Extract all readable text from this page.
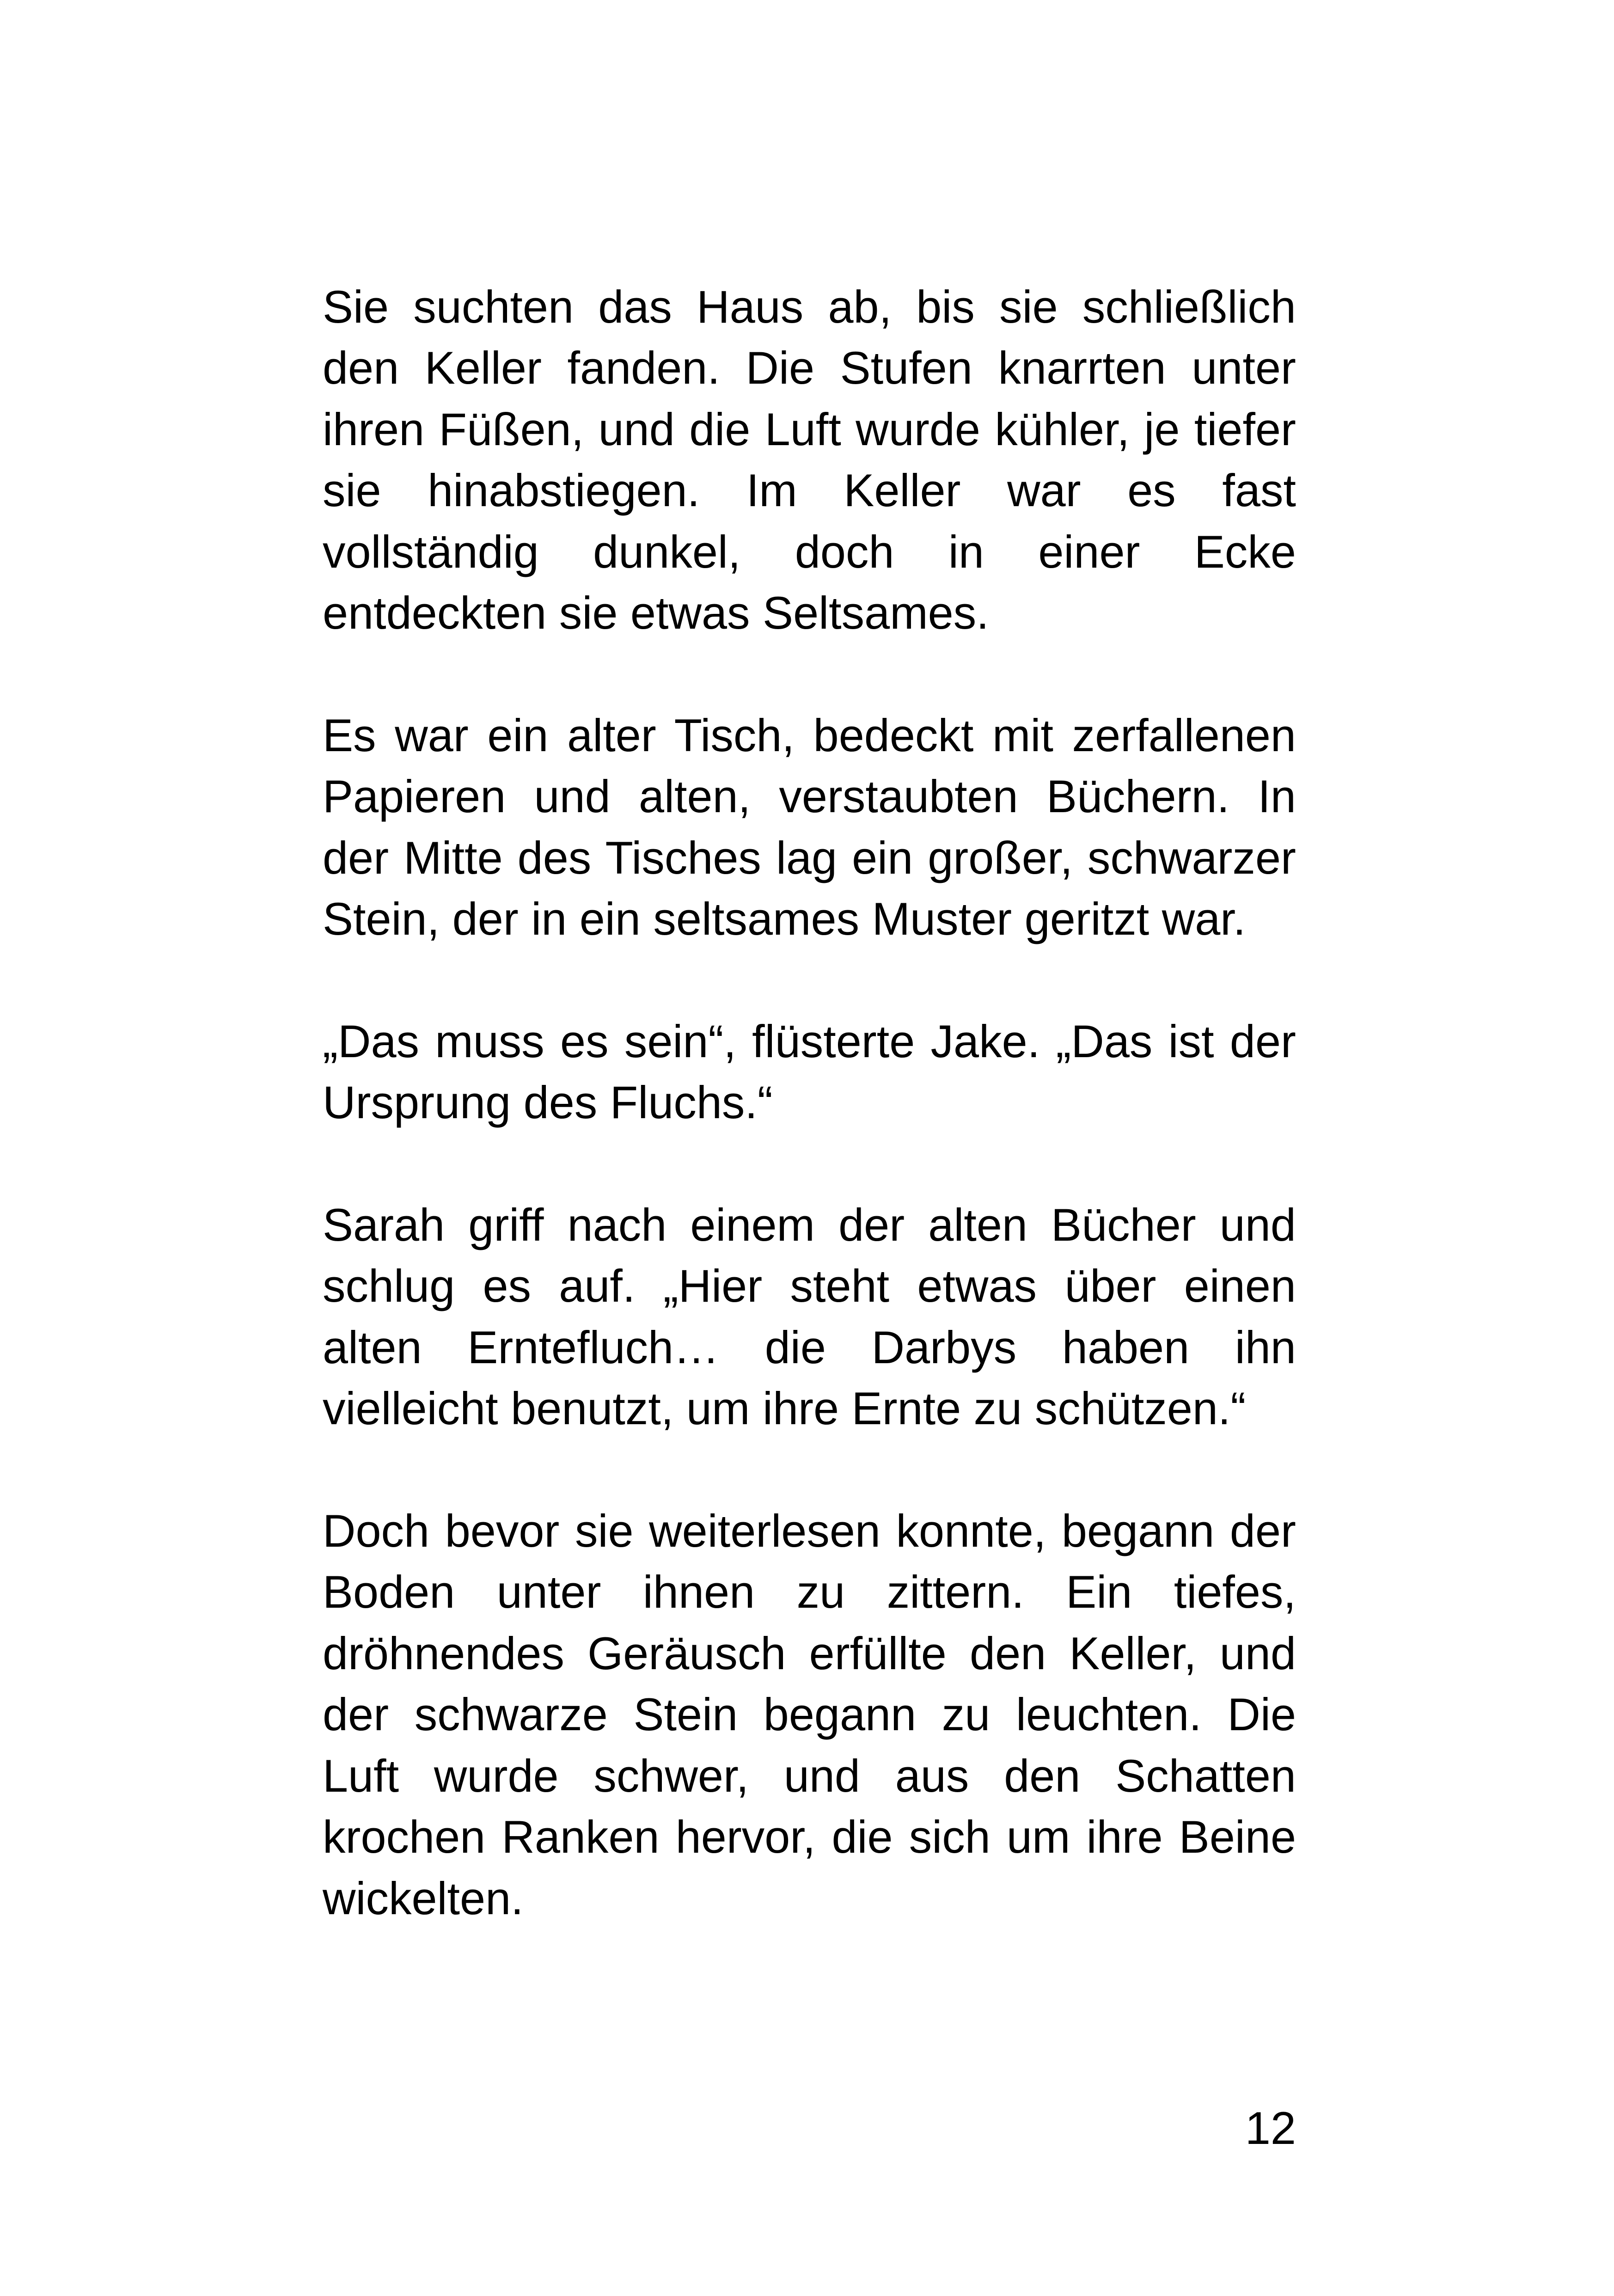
Sie suchten das Haus ab, bis sie schließlich
den Keller fanden. Die Stufen knarrten unter
ihren Füßen, und die Luft wurde kühler, je tiefer
sie hinabstiegen. Im Keller war es fast
vollständig dunkel, doch in einer Ecke
entdeckten sie etwas Seltsames.
Es war ein alter Tisch, bedeckt mit zerfallenen
Papieren und alten, verstaubten Büchern. In
der Mitte des Tisches lag ein großer, schwarzer
Stein, der in ein seltsames Muster geritzt war.
„Das muss es sein“, flüsterte Jake. „Das ist der
Ursprung des Fluchs.“
Sarah griff nach einem der alten Bücher und
schlug es auf. „Hier steht etwas über einen
alten Erntefluch… die Darbys haben ihn
vielleicht benutzt, um ihre Ernte zu schützen.“
Doch bevor sie weiterlesen konnte, begann der
Boden unter ihnen zu zittern. Ein tiefes,
dröhnendes Geräusch erfüllte den Keller, und
der schwarze Stein begann zu leuchten. Die
Luft wurde schwer, und aus den Schatten
krochen Ranken hervor, die sich um ihre Beine
wickelten.
12
